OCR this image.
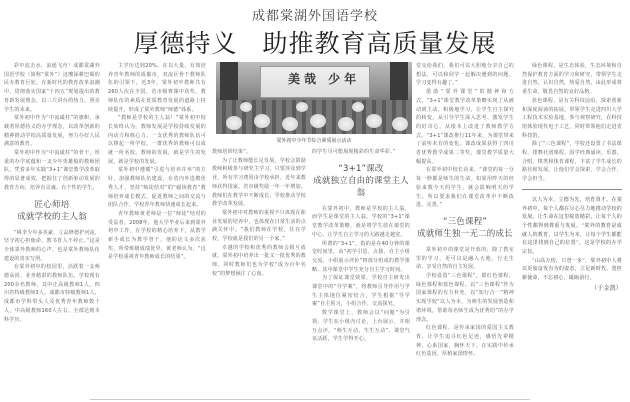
成都棠湖外国语学校
厚德持义 助推教育高质量发展

彩中流击水，浪遏飞舟！成都棠湖外国语学校（简称“棠外”）这艘深耕巴蜀的民办教育巨轮，在新时代的教育改革浪潮中，贯彻落实国家“十四五”规划提出的教育新发展理念，以三尺讲台的热力，照亮学生的未来。

棠外初中作为“中流砥柱”的旗帜，承载着厚德持义的办学理念，以改革创新的精神推动学校高质量发展，努力办好人民满意的教育。

棠外初中作为“中流砥柱”的骨干，厚重的办学底蕴和一支少年英雄般的教师团队，凭着多年实践“3+1”课堂教学改革取得的显著成效，把握住了创新驱动发展的教育方向，培养有灵魂、有个性的学生。

匠心师培
成就学校的主人翁

“桃李少年多英豪，立品修德护河流，坚守初心担使命，教书育人不停止。”这是全体棠外教师的心声，也是棠外教师队伍建设的真实写照。

在棠外初中的校园里，活跃着一支师德高尚、业务精湛的教师队伍。学校现有200余名教师，其中正高级教师1人，四川省特级教师3人，成都市特级教师1人，成都市学科带头人及优秀青年教师数十人，中高级教师160人左右。全部达到本科学历。

主学历达到20%。在以大量、有效培养青年教师的成都市、双流区骨干教师队伍的引领下，近3年，棠外初中教师共有260人次在全国、省市级赛课中获奖，教师队伍的素质在优质教育发展的道路上持续提升，形成了棠外教师“师德”体系。

“教师是学校的主人翁！”棠外初中校长始终认为，教师发展是学校持续发展的内动力和核心力。一支优秀的教师队伍可以撑起一所学校。一群优秀的教师可以成就一所名校。教师的发展，就是学生的发展，就是学校的发展。

棠外初中遵循“引进与培养并举”的方针，加强教师队伍建设，在省内外选聘优秀人才，坚持“师徒结对”的“磁场教育”教师培养成长模式，促进教师之间的交流与团队合作，学校青年教师快速成长起来。

青年教师黄老师是一位“师徒”结对的受益者。2008年，他大学毕业后来到棠外初中工作，在学校的精心培养下，从教学新手成长为教学骨干，他的论文多次获奖，所带班级成绩优异。黄老师认为，“这是学校重视青年教师成长的结果”。

美哉 少年
棠外初中少年节综合素质展示活动

教师培训结果”。

为了让教师能长足发展，学校会鼓励教师积极参与研究主学习，只要涉及到学业，所有学习费用由学校承担。近年来教师获得国家、省市级奖励一年一年增加，教师们在教学中不断成长，学校推动学校教学改革发展。

棠外初中对教师的重视不只体现在职业发展的培养中，也体现在日常生活的点滴关怀中。“我们教师在学校，住在学校，学校就是我们的另一个家。”

卓越的学校和优秀的教师会相互成就。棠外初中培养出一批又一批优秀的教师，同时教师们也为学校“成为百年名校”的梦想倾注了心血。

的学生尽可能展现精彩的生命华彩。”

“3+1”课改
成就独立自由的课堂主人翁

在棠外初中，教师是学校的主人翁，而学生是课堂的主人翁。学校的“3+1”课堂教学改革策略，就是将学生放在课堂的中心，让学生自主学习的大路越走越宽。

所谓的“3+1”，指的是在40分钟的课堂时间里，由“初学引思、点拨、自主小组交流、小组展示评价”四部分组成的教学策略，其中课堂中学生充分自主学习时间。

为了保证课堂效果，学校自主研发出课堂中的“导学案”，将教师引导作用与学生主体地位紧密结合，学生根据“导学案”自主预习，小组合作，交流探究。

数学课堂上，教师会以“问题”为引领，学生在小组内讨论，上台展示，并相互点评。“师生互动，生生互动”，课堂气氛活跃，学生学得开心。

堂交给我们，我们可以大胆地分享自己的想法，可以和同学一起解决遇到的问题。学习变得有趣了。”

借助“棠外课堂”的精神和方式，“3+1”课堂教学改革策略实现了从被动到主动、积极地学习，让学生自主探究的转变。从引导学生深入思考、激发学生的好奇心，从根本上改进了教师教学方式。“3+1”课改推行11年来，为课堂带来了前所未有的变化。课改成果获得了四川省优秀教学成果二等奖，课堂教学质量大幅提高。

在棠外初中校长看来，“课堂的每一分每一秒都是师生的生命。如果用昨天的经验来教今天的学生，就会影响明天的学生。所以要求我们在课堂改革中不断改进、完善。”

“三色课程”
成就师生独一无二的成长

棠外初中的课堂是开放的，除了教室里的学习，更可以是融入天地，行走生命、享受自然的自主发展。

学校设置“三色课程”，即红色课程、绿色课程和蓝色课程。以“三色课程”作为国家课程的有力补充，以“知行合一”精神实现学校“以人为本，为师生的发展创造和谐环境，帮助每名师生成为优秀的”的办学理念。

红色课程，是传承家国的爱国主义教育，让学生追寻红色足迹，感悟先辈精神，心系国家，胸怀天下。在实践中传承红色基因，厚植家国情怀。

绿色课程，是生态体验，生态环境和自然保护教育方面的学习和研究，带领学生走进自然，认识自然，热爱自然，由此形成尊重生命、敬畏自然的良好品格。

蓝色课程，是有关科技前沿、探索创新和深度阅读的拓展。带领学生走进四川大学工程技术实验基地，参与观察研究，在科技馆体验现代电子工艺，同时带领他们走进省科技馆。

除了“三色课程”，学校还设置了书法课程、排舞社团课程、国学经典诵读、乐器、合唱、棋类和体育课程，丰富了学生成长的路径和发展。让他们学会探索，学会合作，学会担当。

以人为本，立德为先，培育贤才。在棠外初中，每个人都在尽心尽力地推动学校的发展。让生命在这里绽放精彩，让每个人的个性都得到尊重与发展。“棠外的教育是成就人的教育，以学生为本，让每个学生都能在这里找到自己的位置”，这是学校的办学宗旨。

“山高万仞，只登一步”，棠外初中人将以更加奋发有为的姿态，立足新时代，勇担新使命，不忘初心，砥砺前行。

（于金凯）
